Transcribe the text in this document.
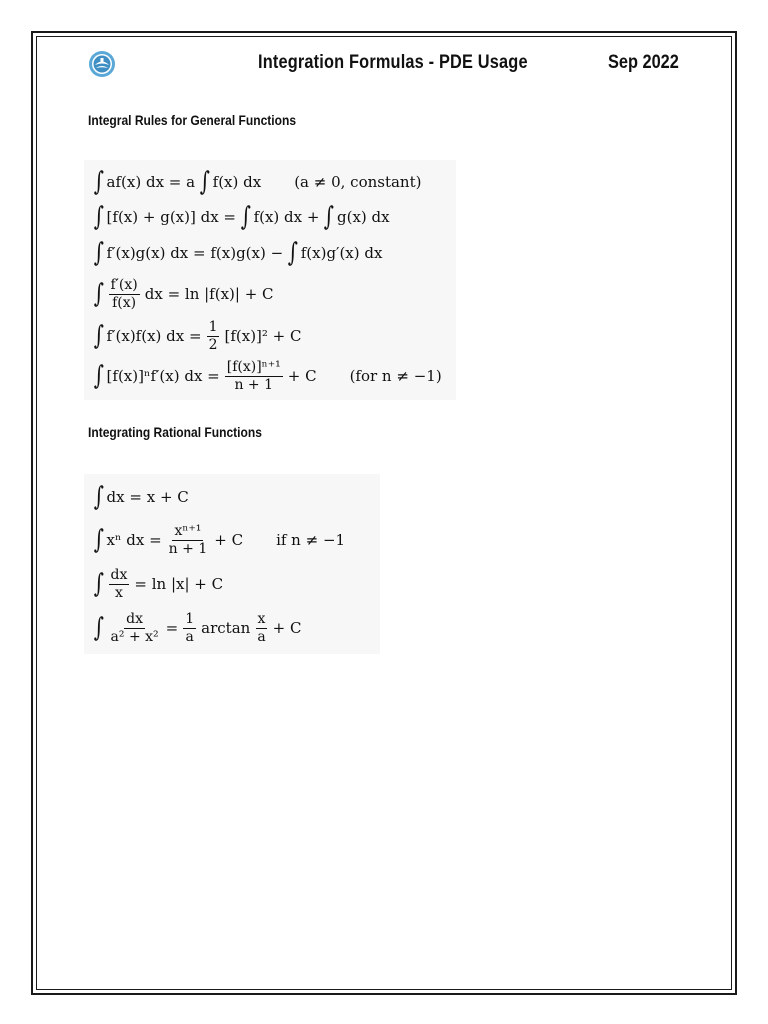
Integration Formulas - PDE Usage	Sep 2022
Integral Rules for General Functions
∫ af(x) dx = a ∫ f(x) dx (a ≠ 0, constant)
∫ [f(x) + g(x)] dx = ∫ f(x) dx + ∫ g(x) dx
∫ f′(x)g(x) dx = f(x)g(x) − ∫ f(x)g′(x) dx
∫ $\frac{f'(x)}{f(x)}$ dx = ln |f(x)| + C
∫ f′(x)f(x) dx = $\frac{1}{2} [f(x)]^2 + C$
∫ [f(x)]ⁿf′(x) dx = $\frac{\text{[f(x)]ⁿ⁺¹}}{n + 1} + C$ (for n ≠ −1)
Integrating Rational Functions
∫ dx = x + C
∫ xⁿ dx = $\frac{\text{xⁿ⁺¹}}{n + 1} + C$ if n ≠ −1
∫ $\frac{dx}{x} = \ln |x| + C$
∫ $\frac{dx}{\text{a² + x²}} = \frac{1}{a}$ $\arctan \frac{x}{a} + C$
